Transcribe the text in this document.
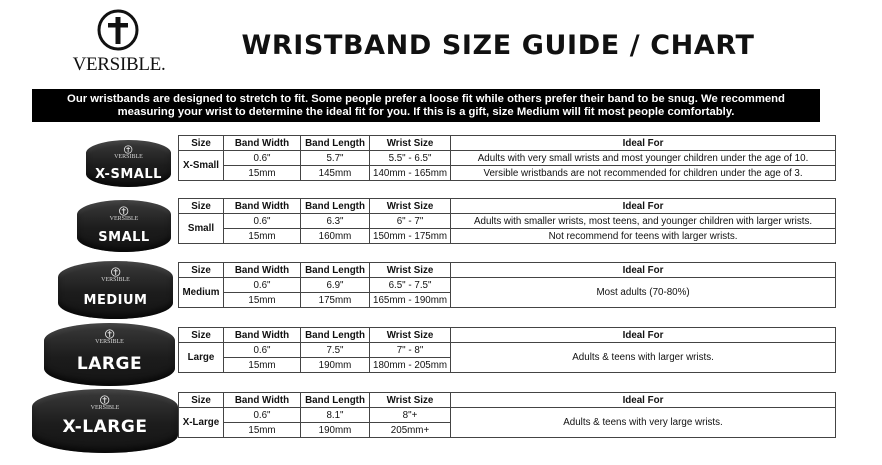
VERSIBLE.
WRISTBAND SIZE GUIDE / CHART
Our wristbands are designed to stretch to fit. Some people prefer a loose fit while others prefer their band to be snug. We recommend measuring your wrist to determine the ideal fit for you. If this is a gift, size Medium will fit most people comfortably.
VERSIBLE
X-SMALL
VERSIBLE
SMALL
VERSIBLE
MEDIUM
VERSIBLE
LARGE
VERSIBLE
X-LARGE
Size	Band Width	Band Length	Wrist Size	Ideal For
X-Small	0.6"	5.7"	5.5" - 6.5"	Adults with very small wrists and most younger children under the age of 10.
	15mm	145mm	140mm - 165mm	Versible wristbands are not recommended for children under the age of 3.
Size	Band Width	Band Length	Wrist Size	Ideal For
Small	0.6"	6.3"	6" - 7"	Adults with smaller wrists, most teens, and younger children with larger wrists.
	15mm	160mm	150mm - 175mm	Not recommend for teens with larger wrists.
Size	Band Width	Band Length	Wrist Size	Ideal For
Medium	0.6"	6.9"	6.5" - 7.5"	Most adults (70-80%)
	15mm	175mm	165mm - 190mm	
Size	Band Width	Band Length	Wrist Size	Ideal For
Large	0.6"	7.5"	7" - 8"	Adults & teens with larger wrists.
	15mm	190mm	180mm - 205mm	
Size	Band Width	Band Length	Wrist Size	Ideal For
X-Large	0.6"	8.1"	8"+	Adults & teens with very large wrists.
	15mm	190mm	205mm+	
